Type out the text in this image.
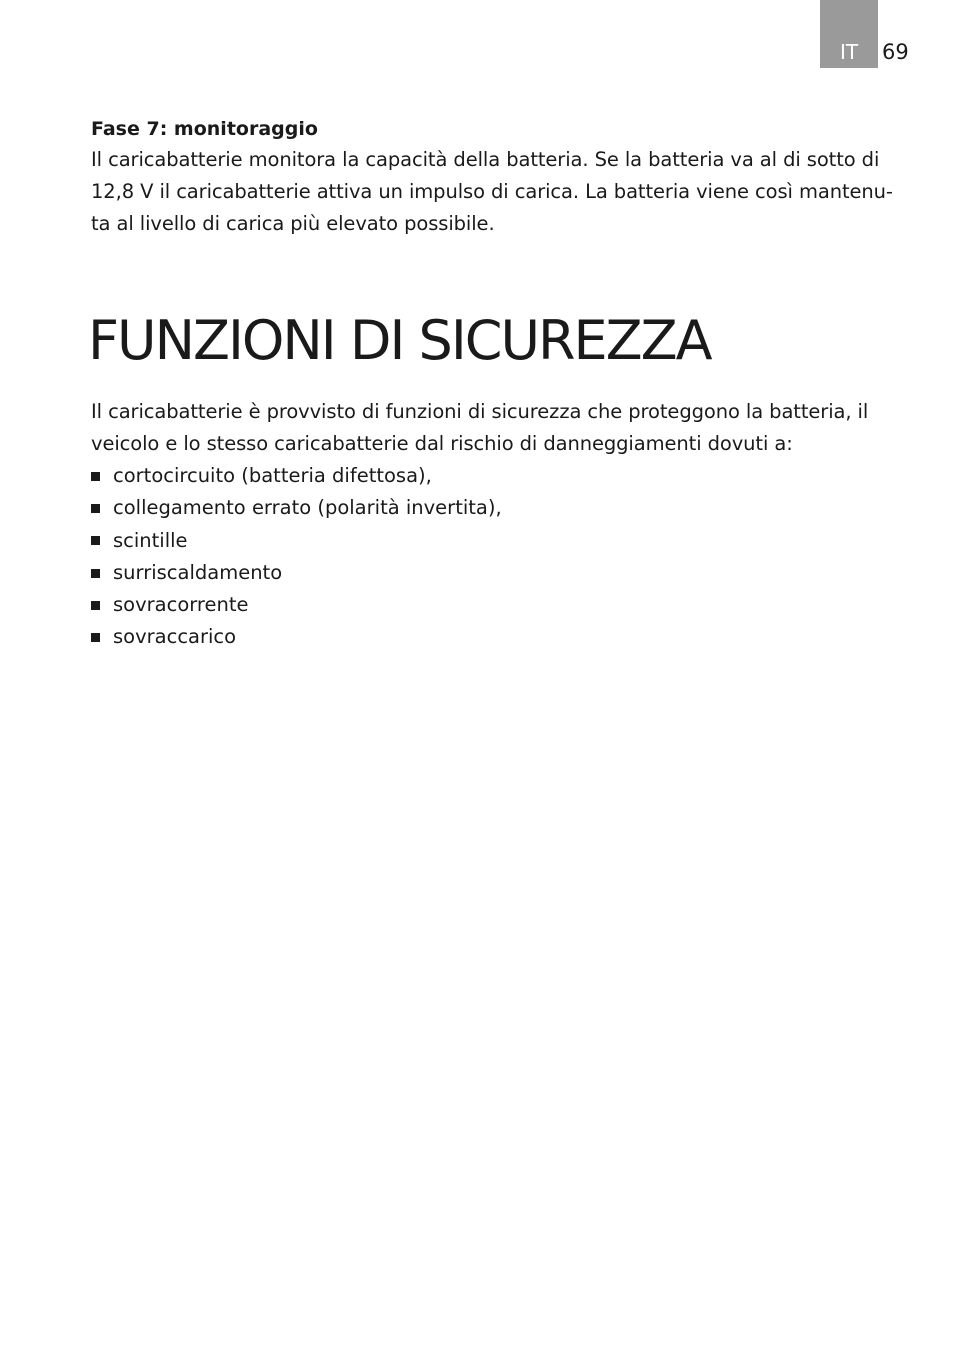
IT	69
Fase 7: monitoraggio

Il caricabatterie monitora la capacità della batteria. Se la batteria va al di sotto di

12,8 V il caricabatterie attiva un impulso di carica. La batteria viene così mantenu-

ta al livello di carica più elevato possibile.

FUNZIONI DI SICUREZZA

Il caricabatterie è provvisto di funzioni di sicurezza che proteggono la batteria, il

veicolo e lo stesso caricabatterie dal rischio di danneggiamenti dovuti a:

cortocircuito (batteria difettosa),
collegamento errato (polarità invertita),
scintille
surriscaldamento
sovracorrente
sovraccarico
